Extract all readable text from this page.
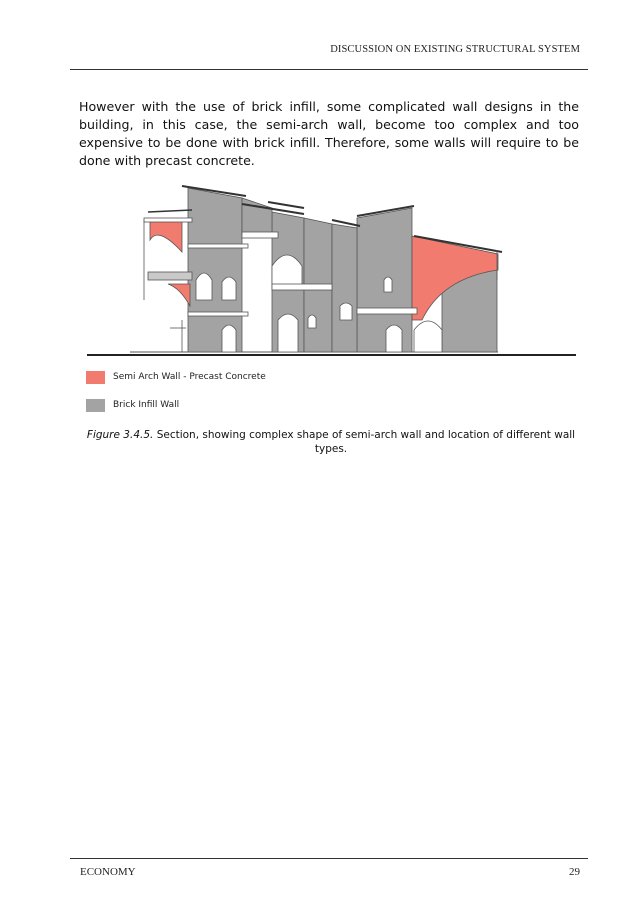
DISCUSSION ON EXISTING STRUCTURAL SYSTEM

However with the use of brick infill, some complicated wall designs in the building, in this case, the semi-arch wall, become too complex and too expensive to be done with brick infill. Therefore, some walls will require to be done with precast concrete.

Semi Arch Wall - Precast Concrete
Brick Infill Wall
Figure 3.4.5. Section, showing complex shape of semi-arch wall and location of different wall types.
ECONOMY	29
